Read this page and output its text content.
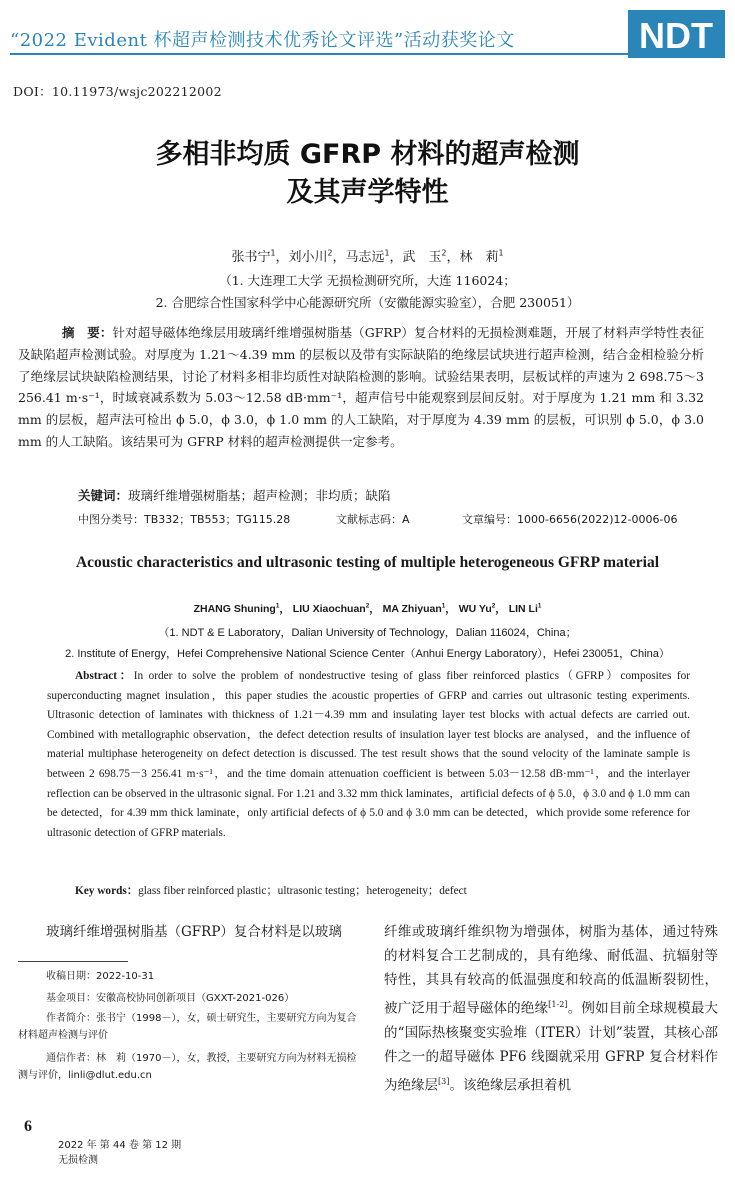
“2022 Evident 杯超声检测技术优秀论文评选”活动获奖论文	NDT
DOI：10.11973/wsjc202212002
多相非均质 GFRP 材料的超声检测
及其声学特性
张书宁$^1$，刘小川$^2$，马志远$^1$，武　玉$^2$，林　莉$^1$
（1. 大连理工大学 无损检测研究所，大连 116024；
2. 合肥综合性国家科学中心能源研究所（安徽能源实验室），合肥 230051）
摘　要：针对超导磁体绝缘层用玻璃纤维增强树脂基（GFRP）复合材料的无损检测难题，开展了材料声学特性表征及缺陷超声检测试验。对厚度为 1.21～4.39 mm 的层板以及带有实际缺陷的绝缘层试块进行超声检测，结合金相检验分析了绝缘层试块缺陷检测结果，讨论了材料多相非均质性对缺陷检测的影响。试验结果表明，层板试样的声速为 2 698.75～3 256.41 m·s⁻¹，时域衰减系数为 5.03～12.58 dB·mm⁻¹，超声信号中能观察到层间反射。对于厚度为 1.21 mm 和 3.32 mm 的层板，超声法可检出 ϕ 5.0，ϕ 3.0，ϕ 1.0 mm 的人工缺陷，对于厚度为 4.39 mm 的层板，可识别 ϕ 5.0，ϕ 3.0 mm 的人工缺陷。该结果可为 GFRP 材料的超声检测提供一定参考。
关键词：玻璃纤维增强树脂基；超声检测；非均质；缺陷
中图分类号：TB332；TB553；TG115.28	文献标志码：A	文章编号：1000-6656(2022)12-0006-06
Acoustic characteristics and ultrasonic testing of multiple heterogeneous GFRP material
ZHANG Shuning$^1$， LIU Xiaochuan$^2$， MA Zhiyuan$^1$， WU Yu$^2$， LIN Li$^1$
（1. NDT & E Laboratory，Dalian University of Technology，Dalian 116024，China；
2. Institute of Energy，Hefei Comprehensive National Science Center（Anhui Energy Laboratory），Hefei 230051，China）
Abstract：In order to solve the problem of nondestructive tesing of glass fiber reinforced plastics（GFRP）composites for superconducting magnet insulation，this paper studies the acoustic properties of GFRP and carries out ultrasonic testing experiments. Ultrasonic detection of laminates with thickness of 1.21－4.39 mm and insulating layer test blocks with actual defects are carried out. Combined with metallographic observation，the defect detection results of insulation layer test blocks are analysed，and the influence of material multiphase heterogeneity on defect detection is discussed. The test result shows that the sound velocity of the laminate sample is between 2 698.75－3 256.41 m·s⁻¹，and the time domain attenuation coefficient is between 5.03－12.58 dB·mm⁻¹，and the interlayer reflection can be observed in the ultrasonic signal. For 1.21 and 3.32 mm thick laminates，artificial defects of ϕ 5.0，ϕ 3.0 and ϕ 1.0 mm can be detected，for 4.39 mm thick laminate，only artificial defects of ϕ 5.0 and ϕ 3.0 mm can be detected，which provide some reference for ultrasonic detection of GFRP materials.
Key words：glass fiber reinforced plastic；ultrasonic testing；heterogeneity；defect
玻璃纤维增强树脂基（GFRP）复合材料是以玻璃
收稿日期：2022-10-31
基金项目：安徽高校协同创新项目（GXXT-2021-026）
作者简介：张书宁（1998－），女，硕士研究生，主要研究方向为复合材料超声检测与评价
通信作者：林　莉（1970－），女，教授，主要研究方向为材料无损检测与评价，linli@dlut.edu.cn
纤维或玻璃纤维织物为增强体，树脂为基体，通过特殊的材料复合工艺制成的，具有绝缘、耐低温、抗辐射等特性，其具有较高的低温强度和较高的低温断裂韧性，被广泛用于超导磁体的绝缘[1-2]。例如目前全球规模最大的“国际热核聚变实验堆（ITER）计划”装置，其核心部件之一的超导磁体 PF6 线圈就采用 GFRP 复合材料作为绝缘层[3]。该绝缘层承担着机
6
2022 年 第 44 卷 第 12 期
无损检测
